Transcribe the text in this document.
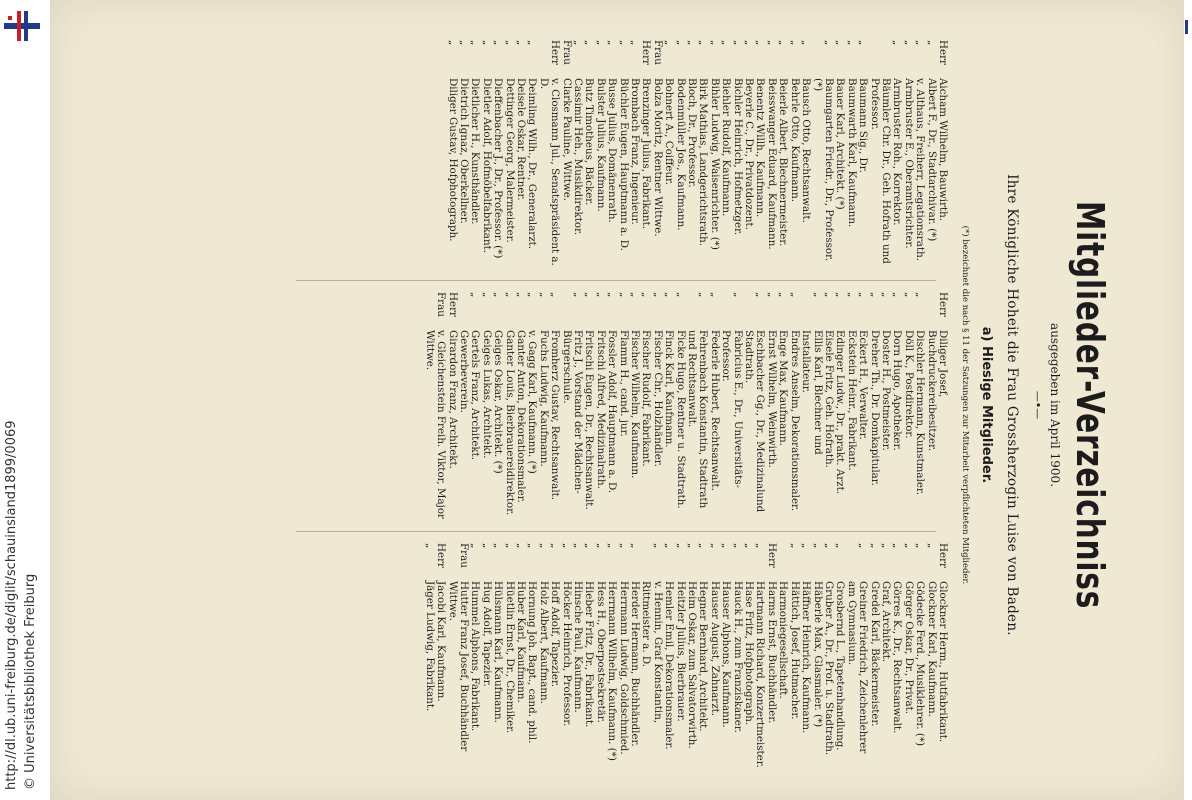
http://dl.ub.uni-freiburg.de/diglit/schauinsland1899/0069 © Universitätsbibliothek Freiburg
Mitglieder-Verzeichniss
ausgegeben im April 1900.
—•—
Ihre Königliche Hoheit die Frau Grossherzogin Luise von Baden.
a) Hiesige Mitglieder.
(*) bezeichnet die nach § 11 der Satzungen zur Mitarbeit verpflichteten Mitglieder.
HerrAicham Wilhelm, Bauwirth.
„Albert F., Dr., Stadtarchivar. (*)
„v. Althaus, Freiherr, Legationsrath.
„Armbruster E., Oberamtsrichter.
„Armbruster Roh., Korrektor.
Bäumler Chr. Dr., Geh. Hofrath und Professor.
„Baumann Sig., Dr.
„Baumwarth Karl, Kaufmann.
„Bauer Karl, Architekt. (*)
„Baumgarten Friedr., Dr., Professor. (*)
„Bausch Otto, Rechtsanwalt.
„Behrle Otto, Kaufmann.
„Beierle Albert, Blechnermeister.
„Beisswanger Eduard, Kaufmann.
„Benentz Willh., Kaufmann.
„Beyerle C., Dr., Privatdozent.
„Bichler Heinrich, Hofmetzger.
„Biehler Rudolf, Kaufmann.
„Bihler Ludwig, Waisenrichter. (*)
„Birk Mathias, Landgerichtsrath.
„Bloch, Dr., Professor.
„Bodenmüller Jos., Kaufmann.
„Bohnert A., Coiffeur.
FrauBolza Moritz, Rentner Wittwe.
HerrBrenzinger Julius, Fabrikant.
„Brombach Franz, Ingenieur.
„Büchler Eugen, Hauptmann a. D.
„Busse Julius, Domänenrath.
„Bulster Julius, Kaufmann.
„Butz Timotheus, Bäcker.
„Cassimir Heh., Musikdirektor.
FrauClarke Pauline, Wittwe.
Herrv. Closmann Jul., Senatspräsident a. D.
„Deimling Wilh., Dr., Generalarzt.
„Deisele Oskar, Rentner.
„Dettinger Georg, Malermeister.
„Dieffenbacher J., Dr., Professor. (*)
„Dietler Adolf, Hofmöbelfabrikant.
„Dietlicher H., Kunsthändler.
„Dietrich Ignaz, Oberkellner.
„Diliger Gustav, Hofphotograph.
HerrDiliger Josef, Buchdruckereibesitzer.
„Dischler Hermann, Kunstmaler.
„Döll K., Postdirektor.
„Dorn Hugo, Apotheker.
„Doster H., Postmeister.
„Dreher Th., Dr. Domkapitular.
„Eckert H., Verwalter.
„Eckstein Heinr., Fabrikant.
„Edinger Ludw., Dr., prakt. Arzt.
„Eisele Fritz, Geh. Hofrath.
„Ellis Karl, Blechner und Installateur.
„Endres Anselm, Dekorationsmaler.
„Enge Max, Kaufmann.
„Ernst Wilhelm, Weinwirth.
„Eschbacher Gg., Dr., Medizinalund Stadtrath.
„Fabricius E., Dr., Universitäts-Professor.
„Federle Hubert, Rechtsanwalt.
„Fehrenbach Konstantin, Stadtrath und Rechtsanwalt.
„Ficke Hugo, Rentner u. Stadtrath.
„Finck Karl, Kaufmann.
„Fischer Chr., Holzhändler.
„Fischer Rudolf, Fabrikant.
„Fischer Wilhelm, Kaufmann.
„Flamm H., cand. jur.
„Fossler Adolf, Hauptmann a. D.
„Fritschi Alfred, Medizinalrath.
„Fritschi Eugen, Dr., Rechtsanwalt.
„Fritz J., Vorstand der Mädchen-Bürgerschule.
„Fromherz Gustav, Rechtsanwalt.
„Fuchs Ludwig, Kaufmann.
„v. Gagg Karl, Kaufmann. (*)
„Ganter Anton, Dekorationsmaler.
„Ganter Louis, Bierbrauereidirektor.
„Geiges Oskar, Architekt. (*)
„Geiges Lukas, Architekt.
„Gertels Franz, Architekt.
Gewerbeverein.
HerrGirardon Franz, Architekt.
Frauv. Gleichenstein Freih. Viktor, Major Wittwe.
HerrGlockner Herm., Hutfabrikant.
„Glockner Karl, Kaufmann.
„Gödecke Ferd., Musiklehrer. (*)
„Görger Oskar, Dr., Privat.
„Görres K., Dr., Rechtsanwalt.
„Graf, Architekt.
„Gredel Karl, Bäckermeister.
„Greiner Friedrich, Zeichenlehrer am Gymnasium.
„Grosbernd L., Tapetenhandlung.
„Gruber A., Dr., Prof. u. Stadtrath.
„Häberle Max, Glasmaler. (*)
„Häffner Heinrich, Kaufmann.
„Hättich, Josef, Hutmacher.
Harmoniegesellschaft.
HerrHarms Ernst, Buchhändler.
„Hartmann Richard, Konzertmeister.
„Hase Fritz, Hofphotograph.
„Hauck H., zum Franziskaner.
„Hauser Alphons, Kaufmann.
„Hauser August, Zahnarzt.
„Hegner Bernhard, Architekt.
„Heim Oskar, zum Salvatorwirth.
„Heitzler Julius, Bierbrauer.
„Hemler Emil, Dekorationsmaler.
„v. Hennin, Graf Konstantin, Rittmeister a. D.
„Herder Hermann, Buchhändler.
„Herrmann Ludwig, Goldschmied.
„Herrmann Wilhelm, Kaufmann. (*)
„Hess H., Oberpostsekretär.
„Hieber Fritz, Dr., Fabrikant.
„Hinsche Paul, Kaufmann.
„Höcker Heinrich, Professor.
„Hoff Adolf, Tapezier.
„Holz Albert, Kaufmann.
„Hornung Joh. Bapt., cand. phil.
„Huber Karl, Kaufmann.
„Hüetlin Ernst, Dr., Chemiker.
„Hülsmann Karl, Kaufmann.
„Hug Adolf, Tapezier.
„Hummel Alphons, Fabrikant.
FrauHutter Franz Josef, Buchhändler Wittwe.
HerrJacobi Karl, Kaufmann.
„Jäger Ludwig, Fabrikant.
